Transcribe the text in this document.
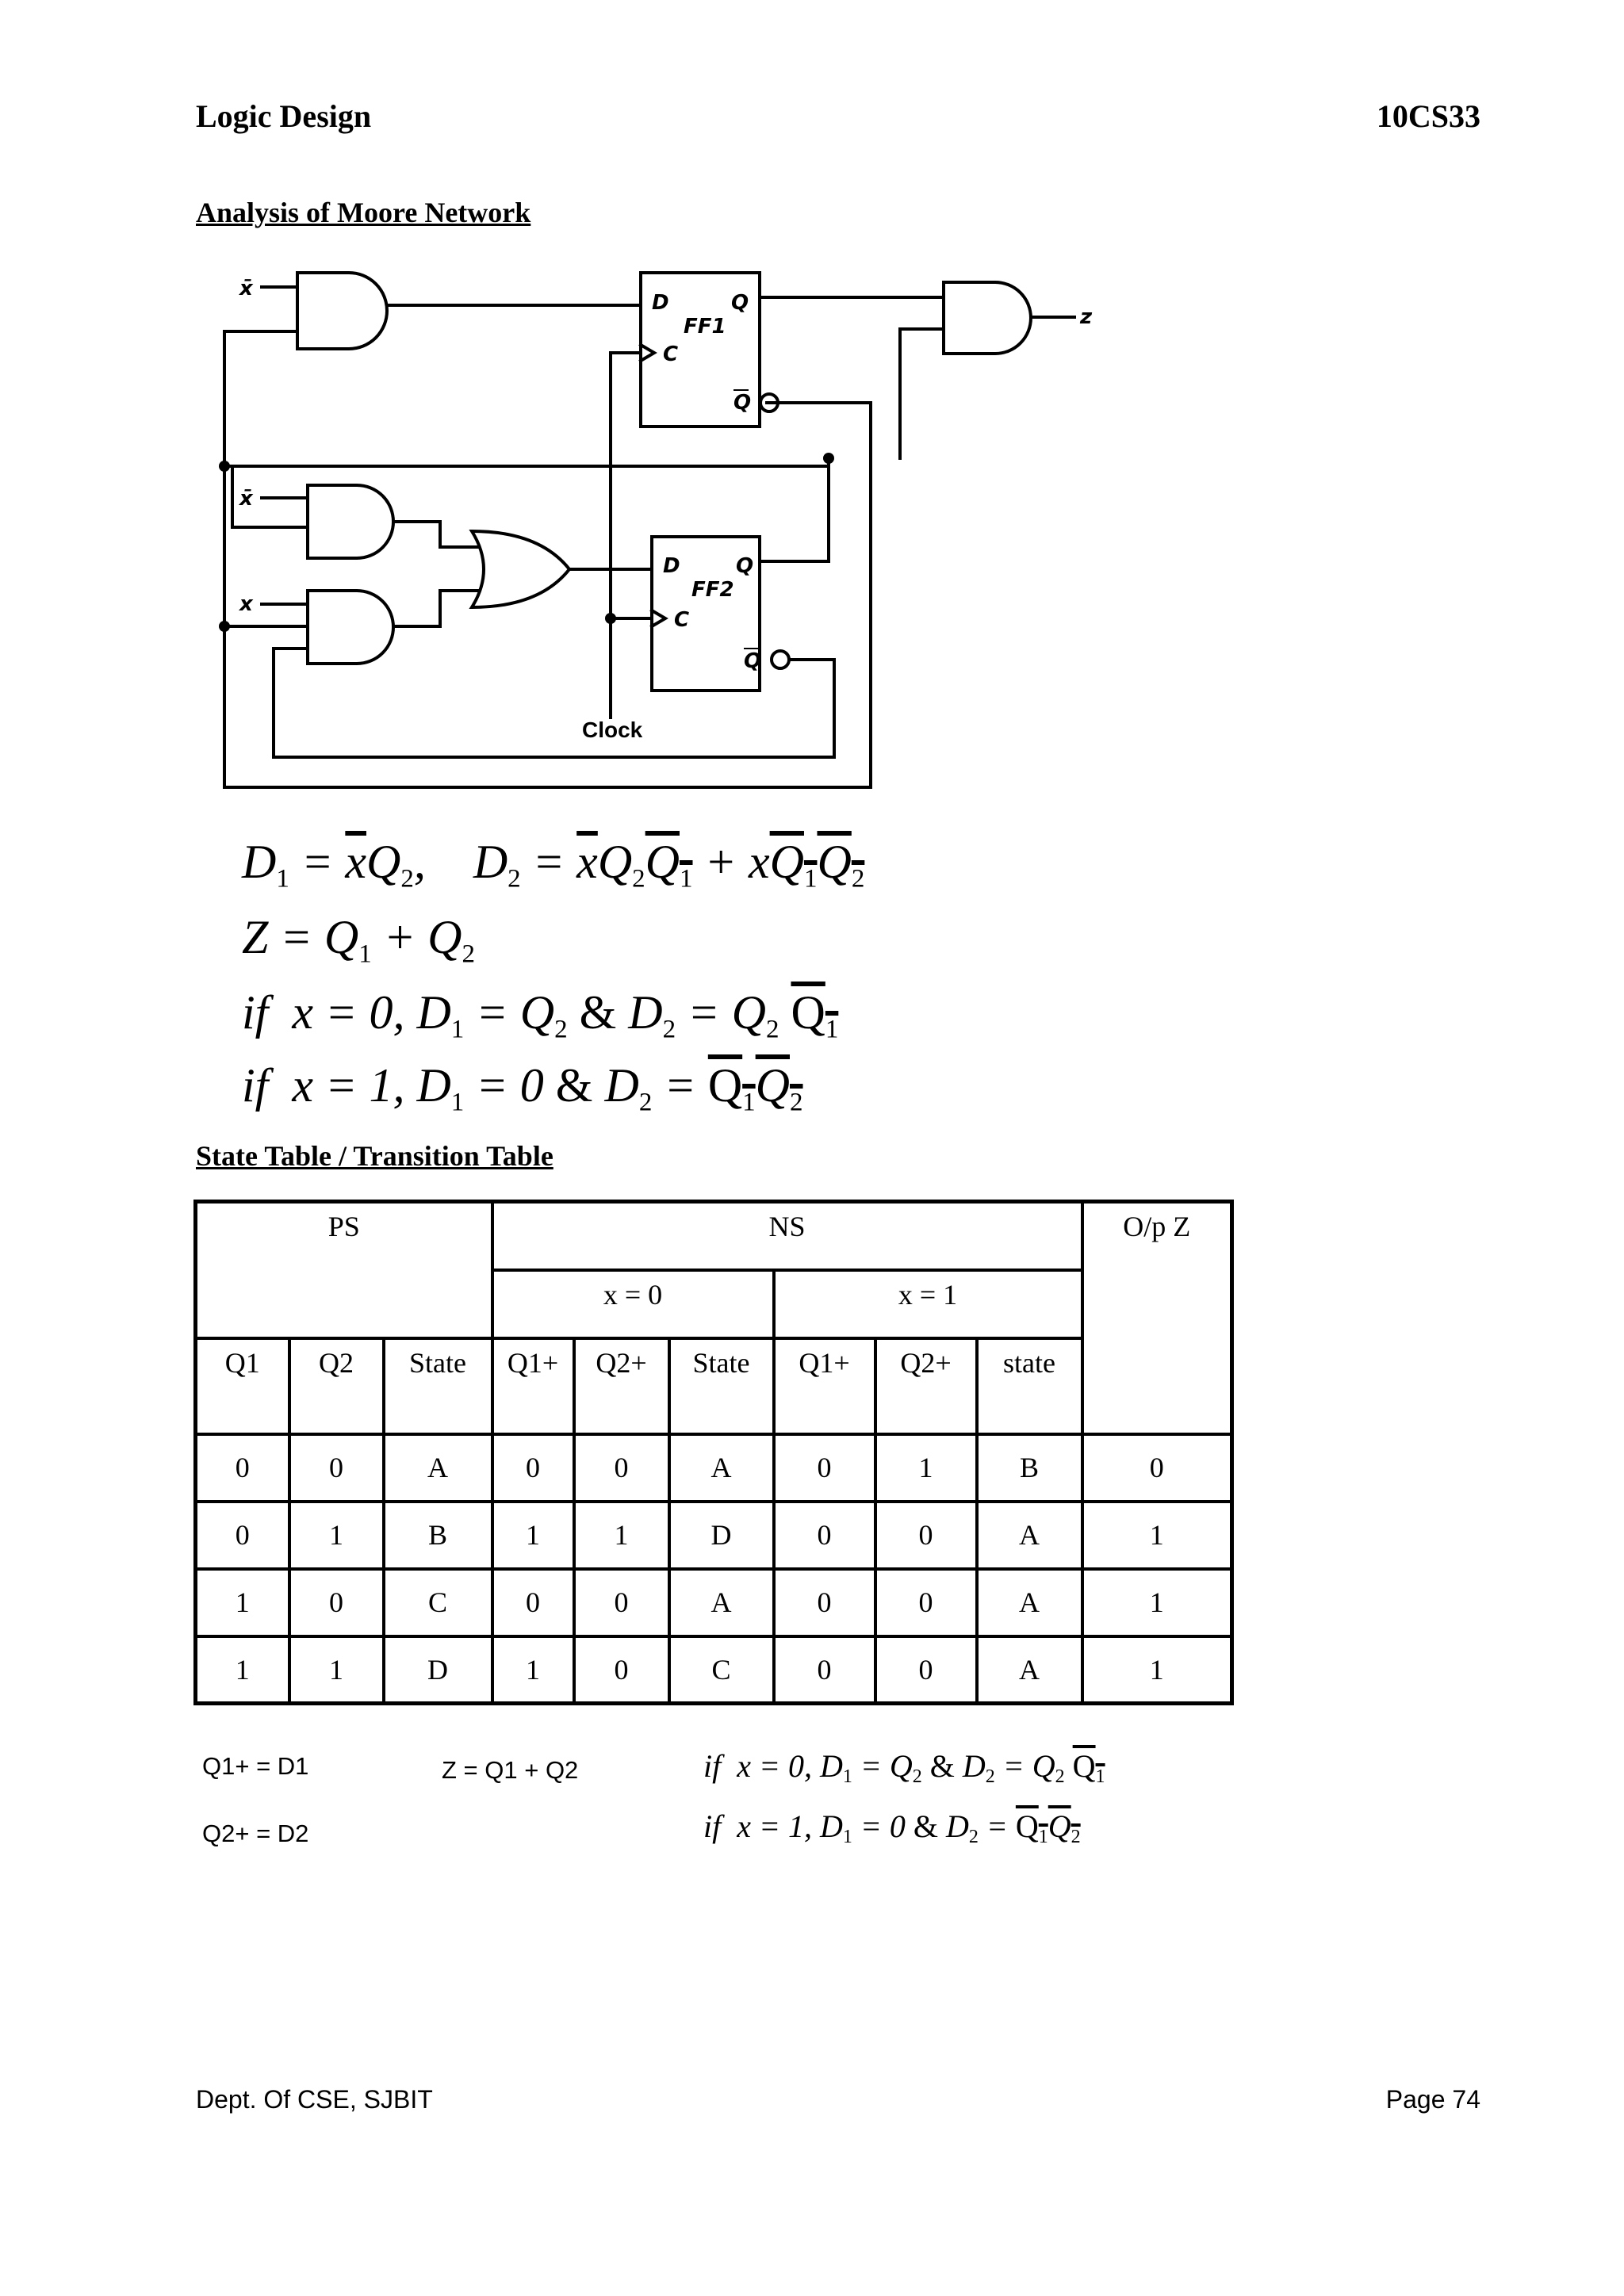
Logic Design	10CS33
Analysis of Moore Network
x̄
x̄
x
D	Q
FF1
C
Q
D	Q
FF2
C
Q
z
Clock
$D_1 = \overline{x}Q_2$,    $D_2 = \overline{x}Q_2Q_1 + xQ_1Q_2$
$Z = Q_1 + Q_2$
if  x = 0, $D_1 = Q_2$ & $D_2 = Q_2$ $Q_1$
if  x = 1, $D_1 = 0$ & $D_2 = Q_1Q_2$
State Table / Transition Table
PS			NS						O/p Z
			x = 0			x = 1			
Q1	Q2	State	Q1+	Q2+	State	Q1+	Q2+	state	
0	0	A	0	0	A	0	1	B	0
0	1	B	1	1	D	0	0	A	1
1	0	C	0	0	A	0	0	A	1
1	1	D	1	0	C	0	0	A	1
Q1+ = D1
Q2+ = D2
Z = Q1 + Q2	if  x = 0, $D_1 = Q_2$ & $D_2 = Q_2$ $Q_1$
if  x = 1, $D_1 = 0$ & $D_2 = Q_1Q_2$
Dept. Of CSE, SJBIT	Page 74
